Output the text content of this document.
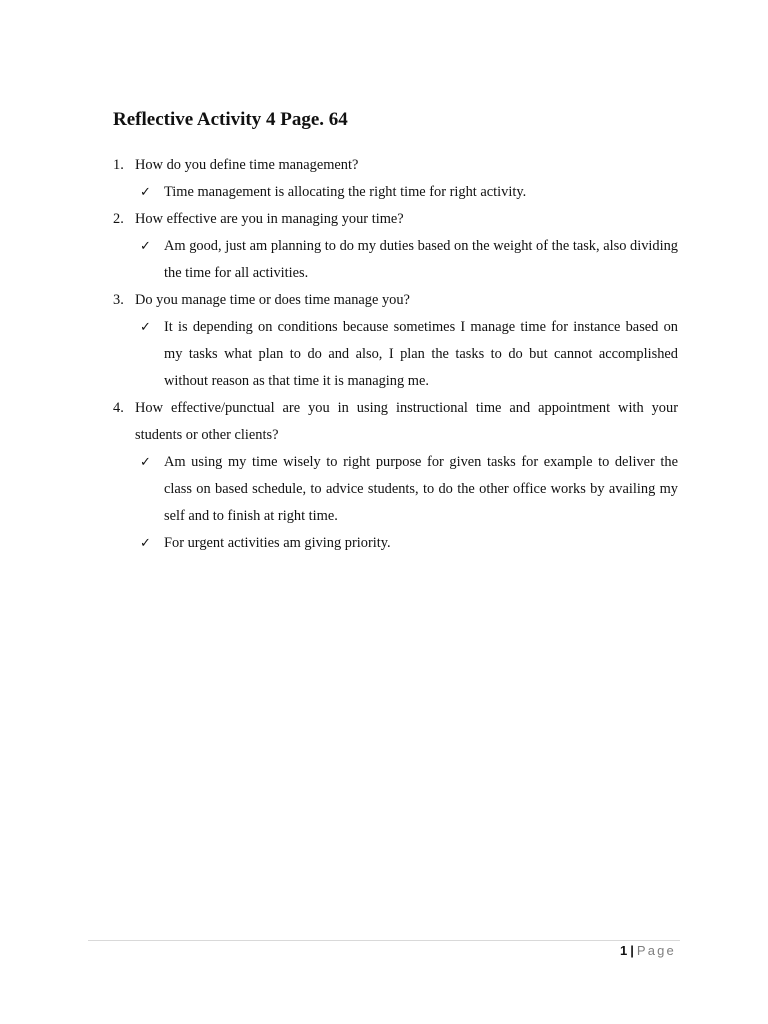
Reflective Activity 4 Page. 64
1. How do you define time management?
✓ Time management is allocating the right time for right activity.
2. How effective are you in managing your time?
✓ Am good, just am planning to do my duties based on the weight of the task, also dividing the time for all activities.
3. Do you manage time or does time manage you?
✓ It is depending on conditions because sometimes I manage time for instance based on my tasks what plan to do and also, I plan the tasks to do but cannot accomplished without reason as that time it is managing me.
4. How effective/punctual are you in using instructional time and appointment with your students or other clients?
✓ Am using my time wisely to right purpose for given tasks for example to deliver the class on based schedule, to advice students, to do the other office works by availing my self and to finish at right time.
✓ For urgent activities am giving priority.
1 | Page
